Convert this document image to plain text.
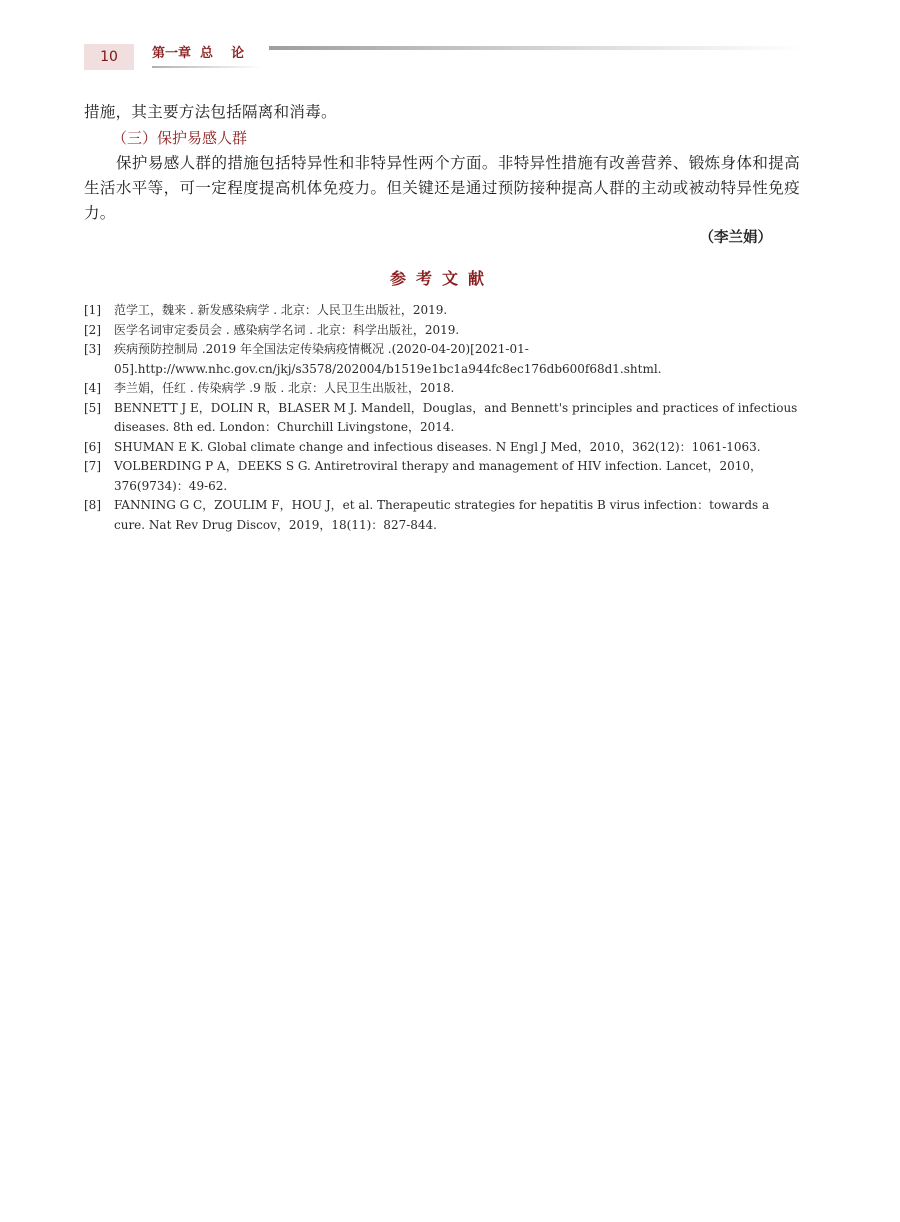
10	第一章  总    论

措施，其主要方法包括隔离和消毒。

（三）保护易感人群

保护易感人群的措施包括特异性和非特异性两个方面。非特异性措施有改善营养、锻炼身体和提高生活水平等，可一定程度提高机体免疫力。但关键还是通过预防接种提高人群的主动或被动特异性免疫力。

（李兰娟）

参考文献
[1]	范学工，魏来 . 新发感染病学 . 北京：人民卫生出版社，2019.
[2]	医学名词审定委员会 . 感染病学名词 . 北京：科学出版社，2019.
[3]	疾病预防控制局 .2019 年全国法定传染病疫情概况 .(2020-04-20)[2021-01-05].http://www.nhc.gov.cn/jkj/s3578/202004/b1519e1bc1a944fc8ec176db600f68d1.shtml.
[4]	李兰娟，任红 . 传染病学 .9 版 . 北京：人民卫生出版社，2018.
[5]	BENNETT J E，DOLIN R，BLASER M J. Mandell，Douglas，and Bennett's principles and practices of infectious diseases. 8th ed. London：Churchill Livingstone，2014.
[6]	SHUMAN E K. Global climate change and infectious diseases. N Engl J Med，2010，362(12)：1061-1063.
[7]	VOLBERDING P A，DEEKS S G. Antiretroviral therapy and management of HIV infection. Lancet，2010，376(9734)：49-62.
[8]	FANNING G C，ZOULIM F，HOU J，et al. Therapeutic strategies for hepatitis B virus infection：towards a cure. Nat Rev Drug Discov，2019，18(11)：827-844.
